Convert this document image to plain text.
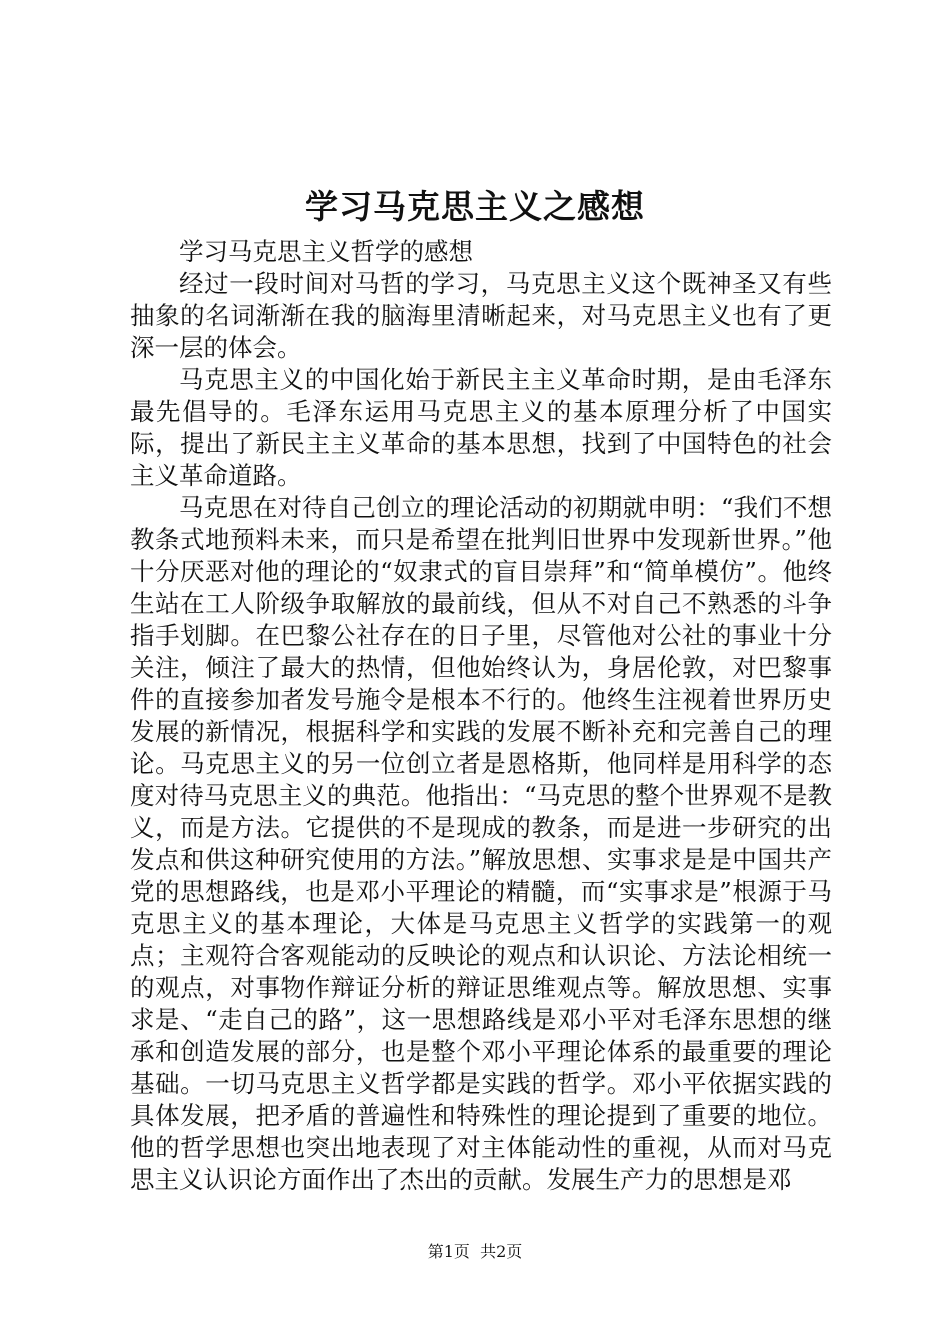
学习马克思主义之感想

学习马克思主义哲学的感想

经过一段时间对马哲的学习，马克思主义这个既神圣又有些抽象的名词渐渐在我的脑海里清晰起来，对马克思主义也有了更深一层的体会。

马克思主义的中国化始于新民主主义革命时期，是由毛泽东最先倡导的。毛泽东运用马克思主义的基本原理分析了中国实际，提出了新民主主义革命的基本思想，找到了中国特色的社会主义革命道路。

马克思在对待自己创立的理论活动的初期就申明：“我们不想教条式地预料未来，而只是希望在批判旧世界中发现新世界。”他十分厌恶对他的理论的“奴隶式的盲目崇拜”和“简单模仿”。他终生站在工人阶级争取解放的最前线，但从不对自己不熟悉的斗争指手划脚。在巴黎公社存在的日子里，尽管他对公社的事业十分关注，倾注了最大的热情，但他始终认为，身居伦敦，对巴黎事件的直接参加者发号施令是根本不行的。他终生注视着世界历史发展的新情况，根据科学和实践的发展不断补充和完善自己的理论。马克思主义的另一位创立者是恩格斯，他同样是用科学的态度对待马克思主义的典范。他指出：“马克思的整个世界观不是教义，而是方法。它提供的不是现成的教条，而是进一步研究的出发点和供这种研究使用的方法。”解放思想、实事求是是中国共产党的思想路线，也是邓小平理论的精髓，而“实事求是”根源于马克思主义的基本理论，大体是马克思主义哲学的实践第一的观点；主观符合客观能动的反映论的观点和认识论、方法论相统一的观点，对事物作辩证分析的辩证思维观点等。解放思想、实事求是、“走自己的路”，这一思想路线是邓小平对毛泽东思想的继承和创造发展的部分，也是整个邓小平理论体系的最重要的理论基础。一切马克思主义哲学都是实践的哲学。邓小平依据实践的具体发展，把矛盾的普遍性和特殊性的理论提到了重要的地位。他的哲学思想也突出地表现了对主体能动性的重视，从而对马克思主义认识论方面作出了杰出的贡献。发展生产力的思想是邓

第1页  共2页
